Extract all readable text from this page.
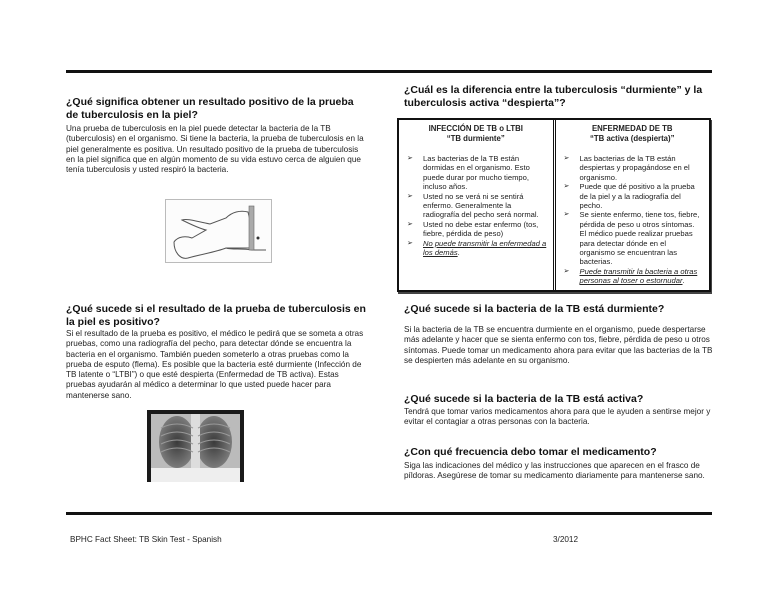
¿Qué significa obtener un resultado positivo de la prueba de tuberculosis en la piel?

Una prueba de tuberculosis en la piel puede detectar la bacteria de la TB (tuberculosis) en el organismo. Si tiene la bacteria, la prueba de tuberculosis en la piel generalmente es positiva. Un resultado positivo de la prueba de tuberculosis en la piel significa que en algún momento de su vida estuvo cerca de alguien que tenía tuberculosis y usted respiró la bacteria.

¿Qué sucede si el resultado de la prueba de tuberculosis en la piel es positivo?

Si el resultado de la prueba es positivo, el médico le pedirá que se someta a otras pruebas, como una radiografía del pecho, para detectar dónde se encuentra la bacteria en el organismo. También pueden someterlo a otras pruebas como la prueba de esputo (flema). Es posible que la bacteria esté durmiente (Infección de TB latente o “LTBI”) o que esté despierta (Enfermedad de TB activa). Estas pruebas ayudarán al médico a determinar lo que usted puede hacer para mantenerse sano.

¿Cuál es la diferencia entre la tuberculosis “durmiente” y la tuberculosis activa “despierta”?
INFECCIÓN DE TB o LTBI
“TB durmiente”
➢ Las bacterias de la TB están dormidas en el organismo. Esto puede durar por mucho tiempo, incluso años.
➢ Usted no se verá ni se sentirá enfermo. Generalmente la radiografía del pecho será normal.
➢ Usted no debe estar enfermo (tos, fiebre, pérdida de peso)
➢ No puede transmitir la enfermedad a los demás.
ENFERMEDAD DE TB
“TB activa (despierta)”
➢ Las bacterias de la TB están despiertas y propagándose en el organismo.
➢ Puede que dé positivo a la prueba de la piel y a la radiografía del pecho.
➢ Se siente enfermo, tiene tos, fiebre, pérdida de peso u otros síntomas. El médico puede realizar pruebas para detectar dónde en el organismo se encuentran las bacterias.
➢ Puede transmitir la bacteria a otras personas al toser o estornudar.
¿Qué sucede si la bacteria de la TB está durmiente?

Si la bacteria de la TB se encuentra durmiente en el organismo, puede despertarse más adelante y hacer que se sienta enfermo con tos, fiebre, pérdida de peso u otros síntomas. Puede tomar un medicamento ahora para evitar que las bacterias de la TB se despierten más adelante en su organismo.

¿Qué sucede si la bacteria de la TB está activa?

Tendrá que tomar varios medicamentos ahora para que le ayuden a sentirse mejor y evitar el contagiar a otras personas con la bacteria.

¿Con qué frecuencia debo tomar el medicamento?

Siga las indicaciones del médico y las instrucciones que aparecen en el frasco de píldoras. Asegúrese de tomar su medicamento diariamente para mantenerse sano.

BPHC Fact Sheet: TB Skin Test - Spanish	3/2012
